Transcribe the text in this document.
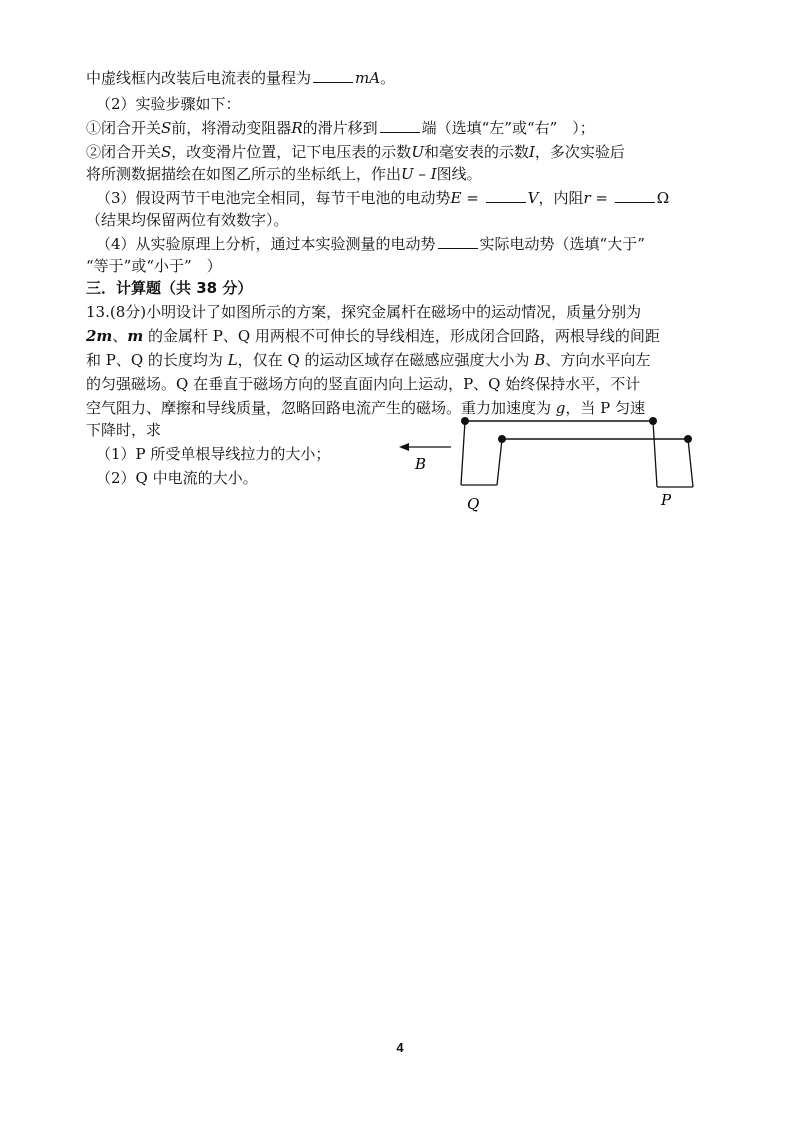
中虚线框内改装后电流表的量程为	mA。
（2）实验步骤如下：
①闭合开关S前，将滑动变阻器R的滑片移到	端（选填“左”或“右”　）；
②闭合开关S，改变滑片位置，记下电压表的示数U和毫安表的示数I，多次实验后
将所测数据描绘在如图乙所示的坐标纸上，作出U – I图线。
（3）假设两节干电池完全相同，每节干电池的电动势E =	V，内阻r =	Ω
（结果均保留两位有效数字）。
（4）从实验原理上分析，通过本实验测量的电动势	实际电动势（选填“大于”
“等于”或“小于”　）
三．计算题（共 38 分）
13.(8分)小明设计了如图所示的方案，探究金属杆在磁场中的运动情况，质量分别为
2m、m 的金属杆 P、Q 用两根不可伸长的导线相连，形成闭合回路，两根导线的间距
和 P、Q 的长度均为 L，仅在 Q 的运动区域存在磁感应强度大小为 B、方向水平向左
的匀强磁场。Q 在垂直于磁场方向的竖直面内向上运动，P、Q 始终保持水平，不计
空气阻力、摩擦和导线质量，忽略回路电流产生的磁场。重力加速度为 g，当 P 匀速
下降时，求
（1）P 所受单根导线拉力的大小；
（2）Q 中电流的大小。
B
Q	P
4
